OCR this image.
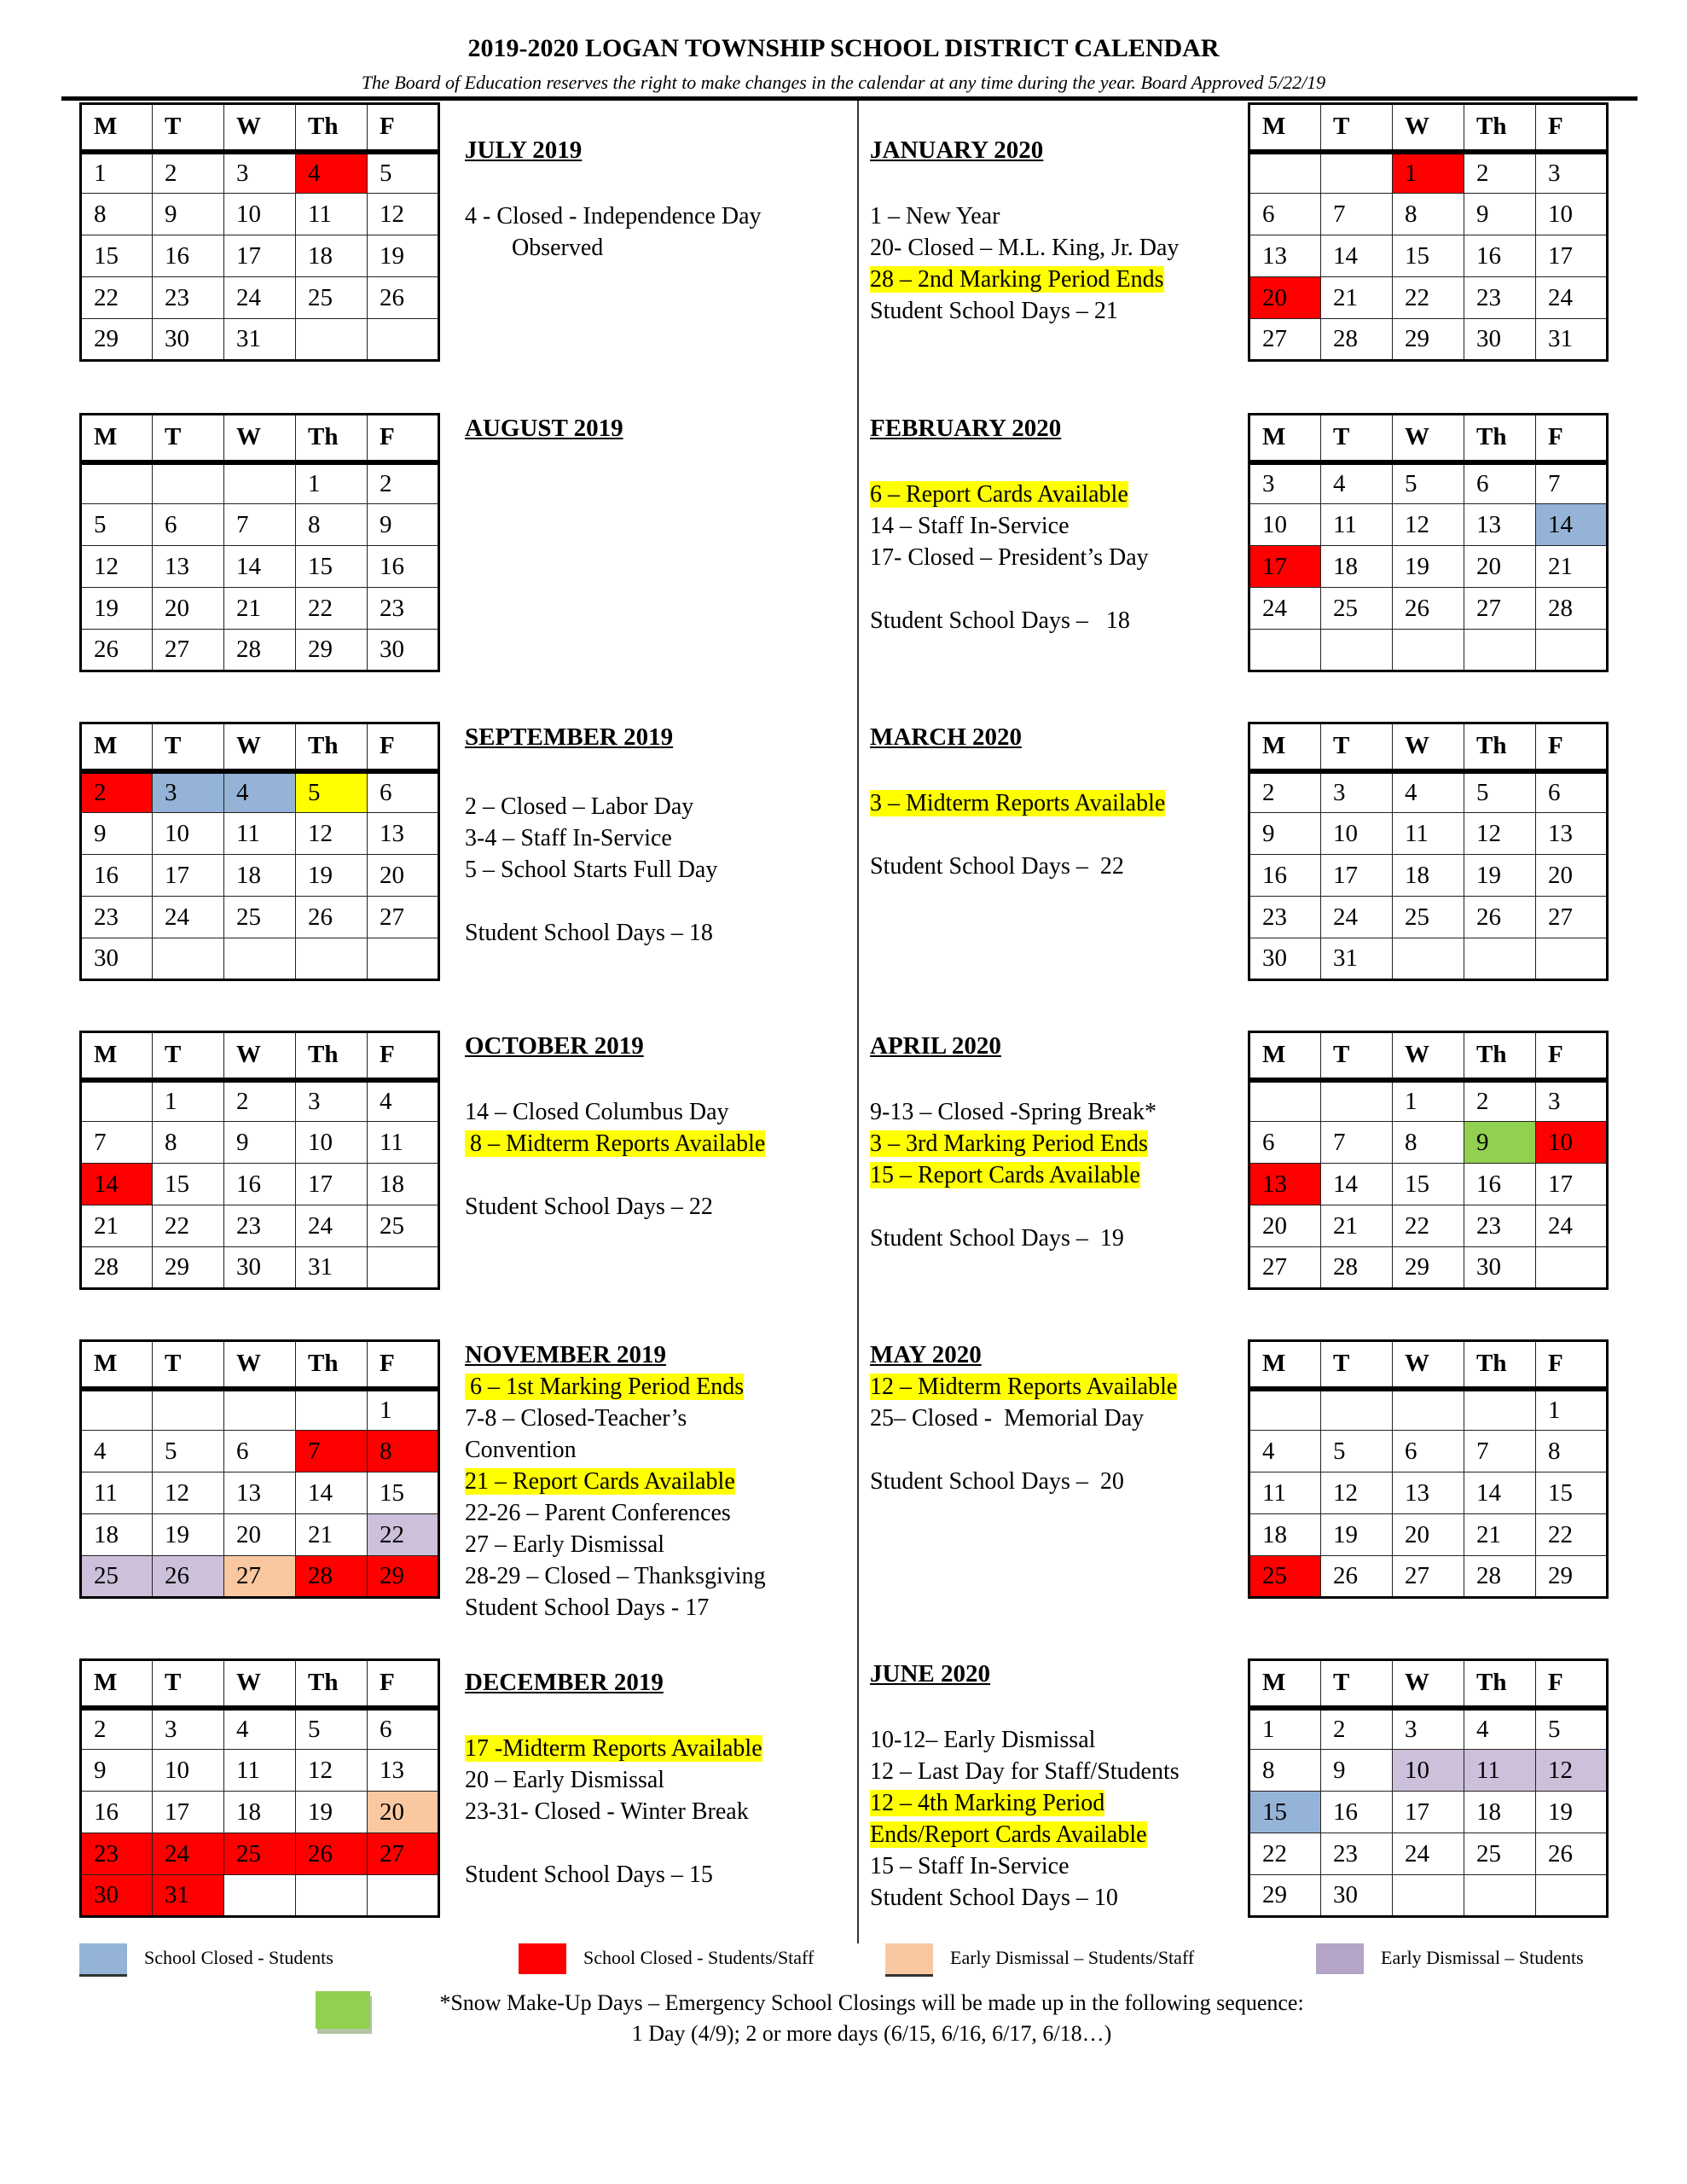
2019-2020 LOGAN TOWNSHIP SCHOOL DISTRICT CALENDAR
The Board of Education reserves the right to make changes in the calendar at any time during the year. Board Approved 5/22/19
M	T	W	Th	F
1	2	3	4	5
8	9	10	11	12
15	16	17	18	19
22	23	24	25	26
29	30	31		
JULY 2019
4 - Closed - Independence Day
Observed
JANUARY 2020
1 – New Year
20- Closed – M.L. King, Jr. Day
28 – 2nd Marking Period Ends
Student School Days – 21
M	T	W	Th	F
		1	2	3
6	7	8	9	10
13	14	15	16	17
20	21	22	23	24
27	28	29	30	31
M	T	W	Th	F
			1	2
5	6	7	8	9
12	13	14	15	16
19	20	21	22	23
26	27	28	29	30
AUGUST 2019	FEBRUARY 2020
6 – Report Cards Available
14 – Staff In-Service
17- Closed – President’s Day
Student School Days –   18
M	T	W	Th	F
3	4	5	6	7
10	11	12	13	14
17	18	19	20	21
24	25	26	27	28

M	T	W	Th	F
2	3	4	5	6
9	10	11	12	13
16	17	18	19	20
23	24	25	26	27
30				
SEPTEMBER 2019
2 – Closed – Labor Day
3-4 – Staff In-Service
5 – School Starts Full Day
Student School Days – 18
MARCH 2020
3 – Midterm Reports Available
Student School Days –  22
M	T	W	Th	F
2	3	4	5	6
9	10	11	12	13
16	17	18	19	20
23	24	25	26	27
30	31			
M	T	W	Th	F
	1	2	3	4
7	8	9	10	11
14	15	16	17	18
21	22	23	24	25
28	29	30	31	
OCTOBER 2019
14 – Closed Columbus Day
8 – Midterm Reports Available
Student School Days – 22
APRIL 2020
9-13 – Closed -Spring Break*
3 – 3rd Marking Period Ends
15 – Report Cards Available
Student School Days –  19
M	T	W	Th	F
		1	2	3
6	7	8	9	10
13	14	15	16	17
20	21	22	23	24
27	28	29	30	
M	T	W	Th	F
				1
4	5	6	7	8
11	12	13	14	15
18	19	20	21	22
25	26	27	28	29
NOVEMBER 2019
6 – 1st Marking Period Ends
7-8 – Closed-Teacher’s
Convention
21 – Report Cards Available
22-26 – Parent Conferences
27 – Early Dismissal
28-29 – Closed – Thanksgiving
Student School Days - 17
MAY 2020
12 – Midterm Reports Available
25– Closed -  Memorial Day
Student School Days –  20
M	T	W	Th	F
				1
4	5	6	7	8
11	12	13	14	15
18	19	20	21	22
25	26	27	28	29
M	T	W	Th	F
2	3	4	5	6
9	10	11	12	13
16	17	18	19	20
23	24	25	26	27
30	31			
DECEMBER 2019
17 -Midterm Reports Available
20 – Early Dismissal
23-31- Closed - Winter Break
Student School Days – 15
JUNE 2020
10-12– Early Dismissal
12 – Last Day for Staff/Students
12 – 4th Marking Period
Ends/Report Cards Available
15 – Staff In-Service
Student School Days – 10
M	T	W	Th	F
1	2	3	4	5
8	9	10	11	12
15	16	17	18	19
22	23	24	25	26
29	30			
School Closed - Students	School Closed - Students/Staff	Early Dismissal – Students/Staff	Early Dismissal – Students
*Snow Make-Up Days – Emergency School Closings will be made up in the following sequence:
1 Day (4/9); 2 or more days (6/15, 6/16, 6/17, 6/18…)
